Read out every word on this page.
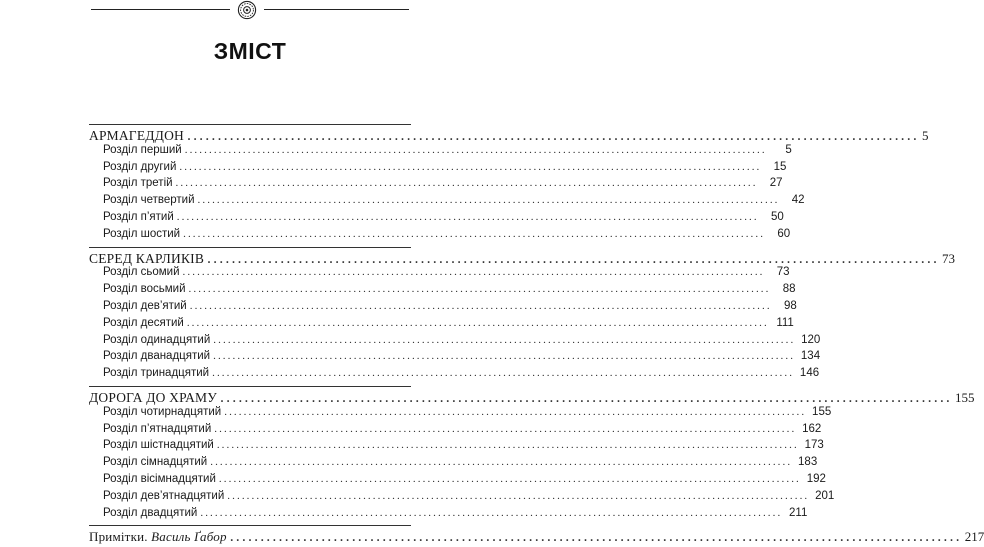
ЗМІСТ
АРМАГЕДДОН ........................................................................................................................ 5
Розділ перший ........................................................................................................................	5
Розділ другий ........................................................................................................................	15
Розділ третій ........................................................................................................................	27
Розділ четвертий ........................................................................................................................	42
Розділ п’ятий ........................................................................................................................	50
Розділ шостий ........................................................................................................................	60
СЕРЕД КАРЛИКІВ ........................................................................................................................ 73
Розділ сьомий ........................................................................................................................	73
Розділ восьмий ........................................................................................................................	88
Розділ дев’ятий ........................................................................................................................	98
Розділ десятий ........................................................................................................................ 111
Розділ одинадцятий ........................................................................................................................ 120
Розділ дванадцятий ........................................................................................................................ 134
Розділ тринадцятий ........................................................................................................................ 146
ДОРОГА ДО ХРАМУ ........................................................................................................................ 155
Розділ чотирнадцятий ........................................................................................................................ 155
Розділ п’ятнадцятий ........................................................................................................................ 162
Розділ шістнадцятий ........................................................................................................................ 173
Розділ сімнадцятий ........................................................................................................................ 183
Розділ вісімнадцятий ........................................................................................................................ 192
Розділ дев’ятнадцятий ........................................................................................................................ 201
Розділ двадцятий ........................................................................................................................ 211
Примітки. Василь Ґабор ........................................................................................................................ 217
